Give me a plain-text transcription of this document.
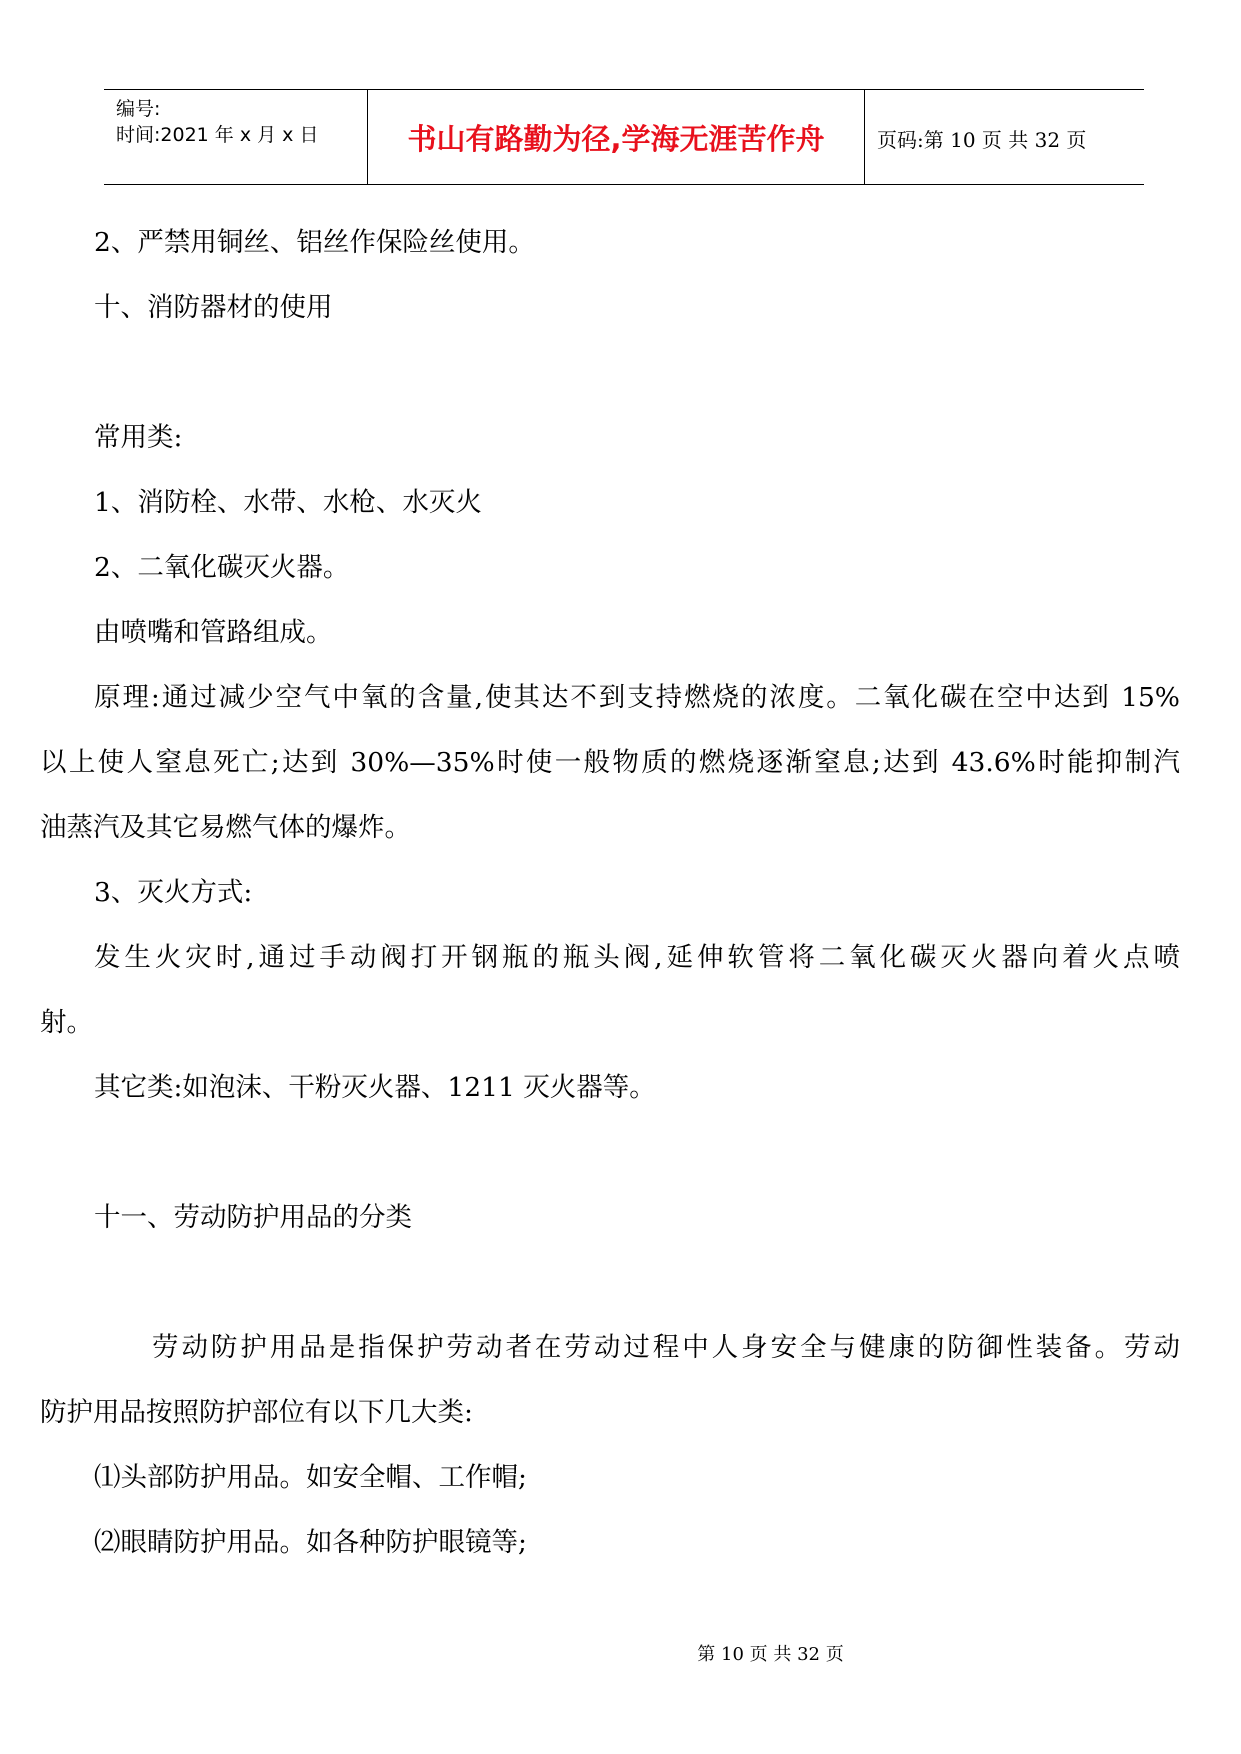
编号:
时间:2021 年 x 月 x 日	书山有路勤为径,学海无涯苦作舟	页码:第 10 页 共 32 页
2、严禁用铜丝、铝丝作保险丝使用。
十、消防器材的使用
常用类:
1、消防栓、水带、水枪、水灭火
2、二氧化碳灭火器。
由喷嘴和管路组成。
原理:通过减少空气中氧的含量,使其达不到支持燃烧的浓度。二氧化碳在空中达到 15%
以上使人窒息死亡;达到 30%—35%时使一般物质的燃烧逐渐窒息;达到 43.6%时能抑制汽
油蒸汽及其它易燃气体的爆炸。
3、灭火方式:
发生火灾时,通过手动阀打开钢瓶的瓶头阀,延伸软管将二氧化碳灭火器向着火点喷
射。
其它类:如泡沫、干粉灭火器、1211 灭火器等。
十一、劳动防护用品的分类
劳动防护用品是指保护劳动者在劳动过程中人身安全与健康的防御性装备。劳动
防护用品按照防护部位有以下几大类:
⑴头部防护用品。如安全帽、工作帽;
⑵眼睛防护用品。如各种防护眼镜等;
第 10 页 共 32 页
